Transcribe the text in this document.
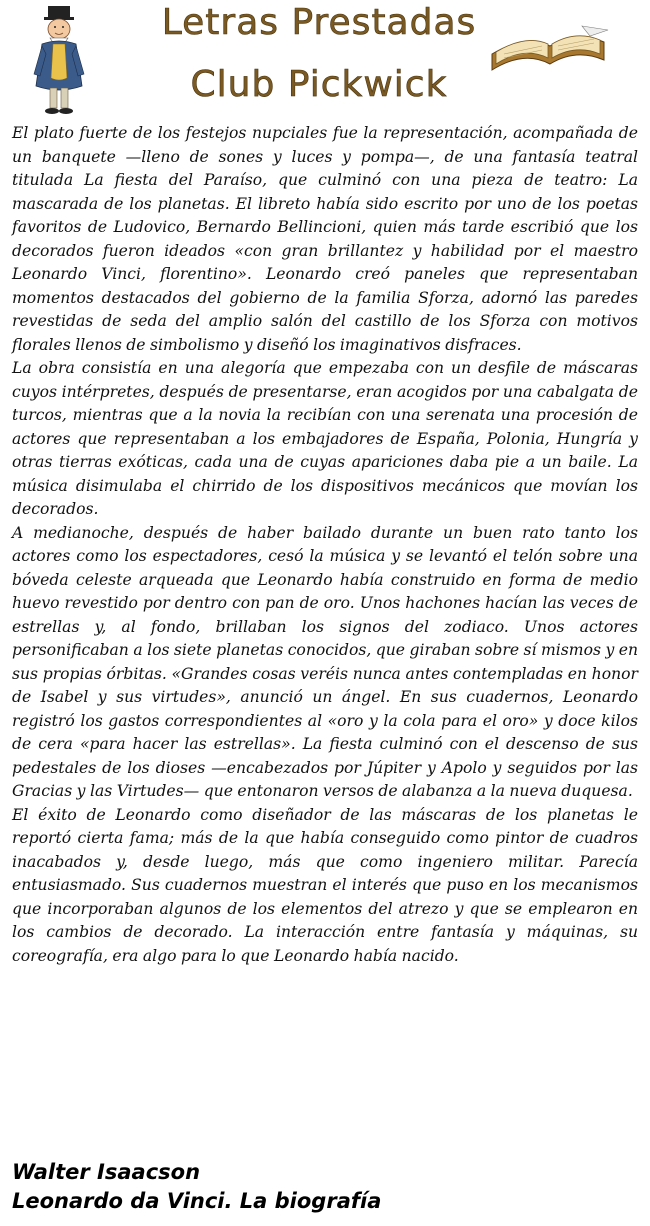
Letras Prestadas
Club Pickwick

El plato fuerte de los festejos nupciales fue la representación, acompañada de un banquete —lleno de sones y luces y pompa—, de una fantasía teatral titulada La fiesta del Paraíso, que culminó con una pieza de teatro: La mascarada de los planetas. El libreto había sido escrito por uno de los poetas favoritos de Ludovico, Bernardo Bellincioni, quien más tarde escribió que los decorados fueron ideados «con gran brillantez y habilidad por el maestro Leonardo Vinci, florentino». Leonardo creó paneles que representaban momentos destacados del gobierno de la familia Sforza, adornó las paredes revestidas de seda del amplio salón del castillo de los Sforza con motivos florales llenos de simbolismo y diseñó los imaginativos disfraces.

La obra consistía en una alegoría que empezaba con un desfile de máscaras cuyos intérpretes, después de presentarse, eran acogidos por una cabalgata de turcos, mientras que a la novia la recibían con una serenata una procesión de actores que representaban a los embajadores de España, Polonia, Hungría y otras tierras exóticas, cada una de cuyas apariciones daba pie a un baile. La música disimulaba el chirrido de los dispositivos mecánicos que movían los decorados.

A medianoche, después de haber bailado durante un buen rato tanto los actores como los espectadores, cesó la música y se levantó el telón sobre una bóveda celeste arqueada que Leonardo había construido en forma de medio huevo revestido por dentro con pan de oro. Unos hachones hacían las veces de estrellas y, al fondo, brillaban los signos del zodiaco. Unos actores personificaban a los siete planetas conocidos, que giraban sobre sí mismos y en sus propias órbitas. «Grandes cosas veréis nunca antes contempladas en honor de Isabel y sus virtudes», anunció un ángel. En sus cuadernos, Leonardo registró los gastos correspondientes al «oro y la cola para el oro» y doce kilos de cera «para hacer las estrellas». La fiesta culminó con el descenso de sus pedestales de los dioses —encabezados por Júpiter y Apolo y seguidos por las Gracias y las Virtudes— que entonaron versos de alabanza a la nueva duquesa.

El éxito de Leonardo como diseñador de las máscaras de los planetas le reportó cierta fama; más de la que había conseguido como pintor de cuadros inacabados y, desde luego, más que como ingeniero militar. Parecía entusiasmado. Sus cuadernos muestran el interés que puso en los mecanismos que incorporaban algunos de los elementos del atrezo y que se emplearon en los cambios de decorado. La interacción entre fantasía y máquinas, su coreografía, era algo para lo que Leonardo había nacido.

Walter Isaacson
Leonardo da Vinci. La biografía
